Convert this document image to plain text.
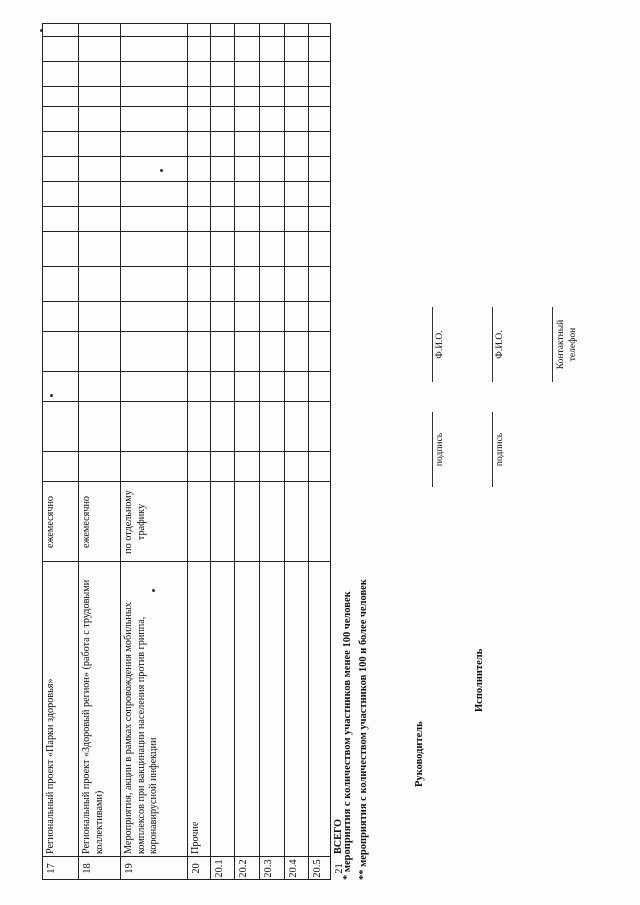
17
Региональный проект «Парки здоровья»
ежемесячно
18
Региональный проект «Здоровый регион» (работа с трудовыми коллективами)
ежемесячно
19
Мероприятия, акции в рамках сопровождения мобильных комплексов при вакцинации населения против гриппа, коронавирусной инфекции
по отдельному трафику
20
Прочие
20.1 20.2 20.3 20.4 20.5 21
ВСЕГО
* мероприятия с количеством участников менее 100 человек ** мероприятия с количеством участников 100 и более человек	Руководитель
подпись
Ф.И.О.
Исполнитель
подпись
Ф.И.О.	Контактный телефон
